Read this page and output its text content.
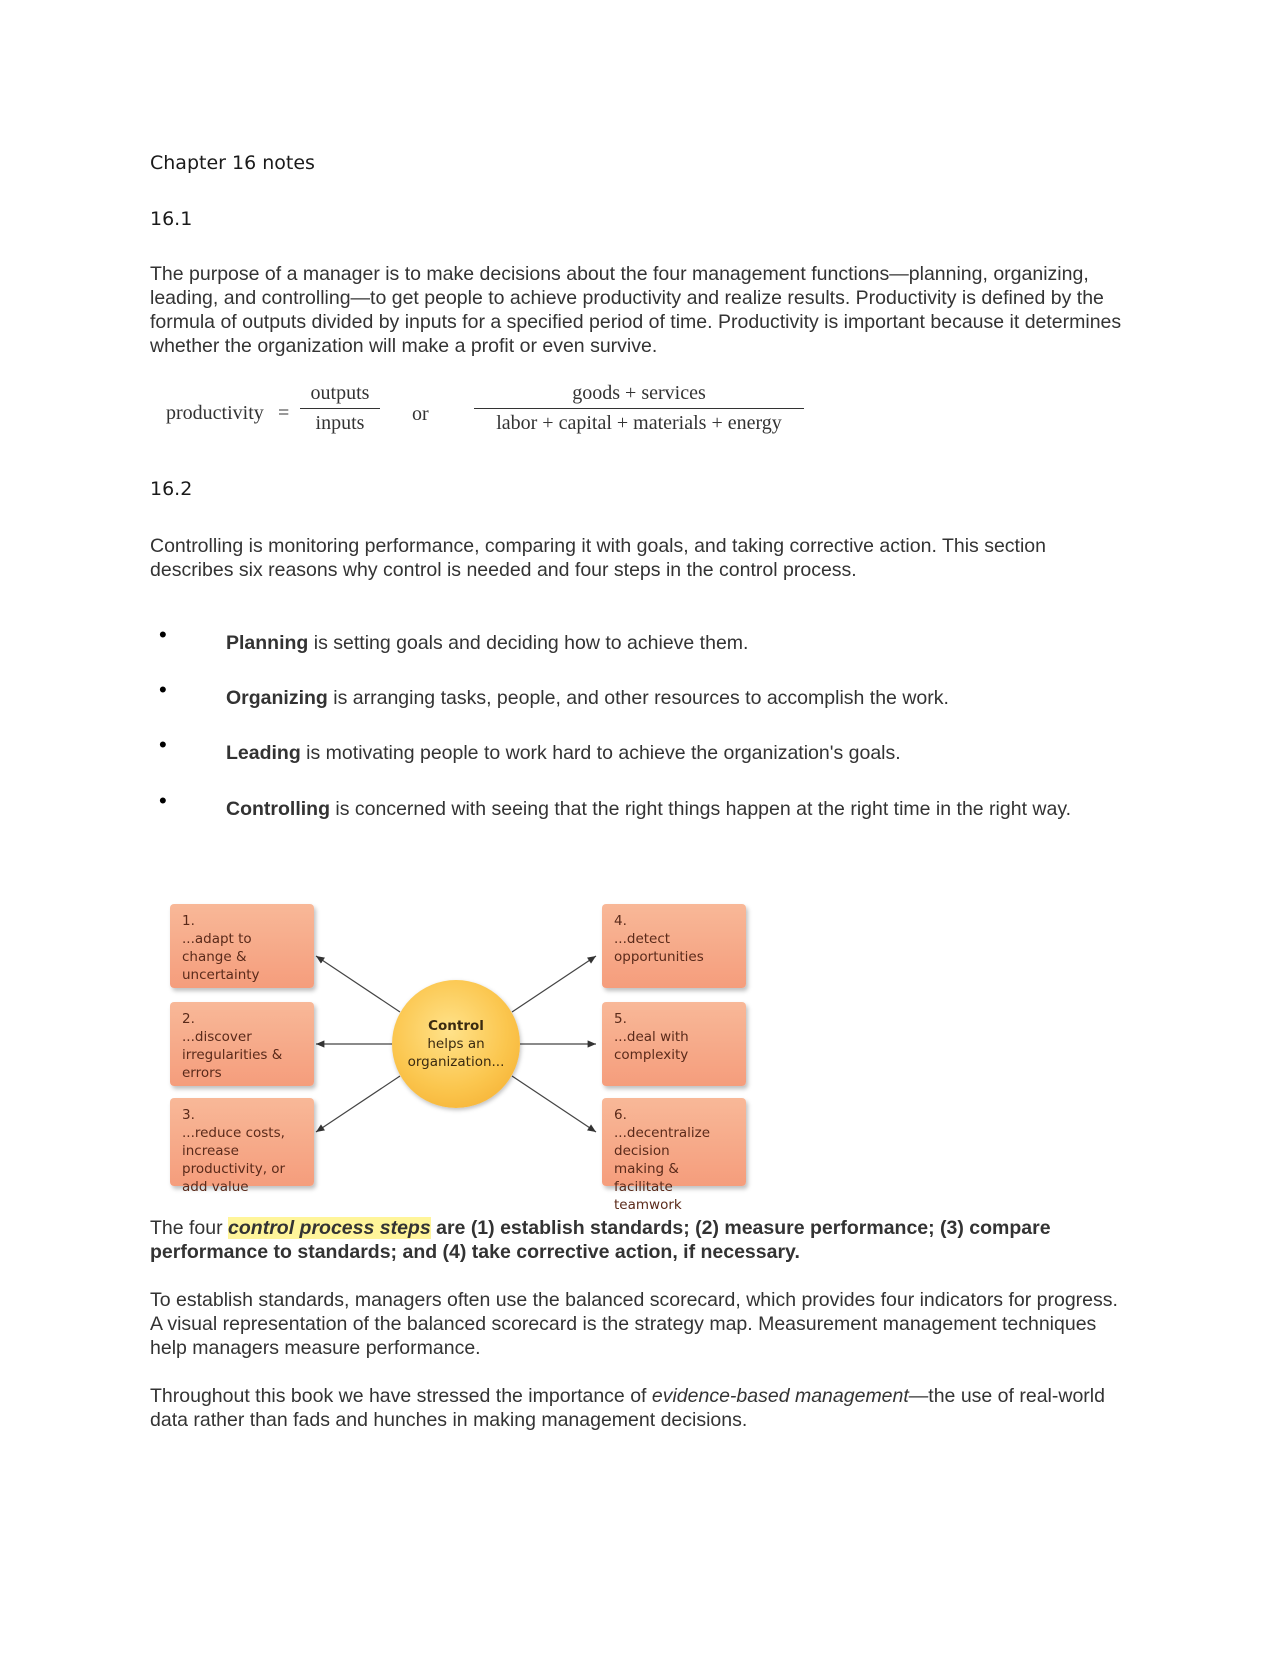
Chapter 16 notes
16.1
The purpose of a manager is to make decisions about the four management functions—planning, organizing, leading, and controlling—to get people to achieve productivity and realize results. Productivity is defined by the formula of outputs divided by inputs for a specified period of time. Productivity is important because it determines whether the organization will make a profit or even survive.
productivity =
outputs
inputs	or
goods + services
labor + capital + materials + energy
16.2
Controlling is monitoring performance, comparing it with goals, and taking corrective action. This section describes six reasons why control is needed and four steps in the control process.
•	Planning is setting goals and deciding how to achieve them.
•	Organizing is arranging tasks, people, and other resources to accomplish the work.
•	Leading is motivating people to work hard to achieve the organization's goals.
•	Controlling is concerned with seeing that the right things happen at the right time in the right way.
1....adapt to change & uncertainty
2....discover irregularities & errors
3....reduce costs, increase productivity, or add value
4....detect opportunities
5....deal with complexity
6....decentralize decision making & facilitate teamwork
Control
helps an
organization...
The four control process steps are (1) establish standards; (2) measure performance; (3) compare performance to standards; and (4) take corrective action, if necessary.
To establish standards, managers often use the balanced scorecard, which provides four indicators for progress. A visual representation of the balanced scorecard is the strategy map. Measurement management techniques help managers measure performance.
Throughout this book we have stressed the importance of evidence-based management—the use of real-world data rather than fads and hunches in making management decisions.
